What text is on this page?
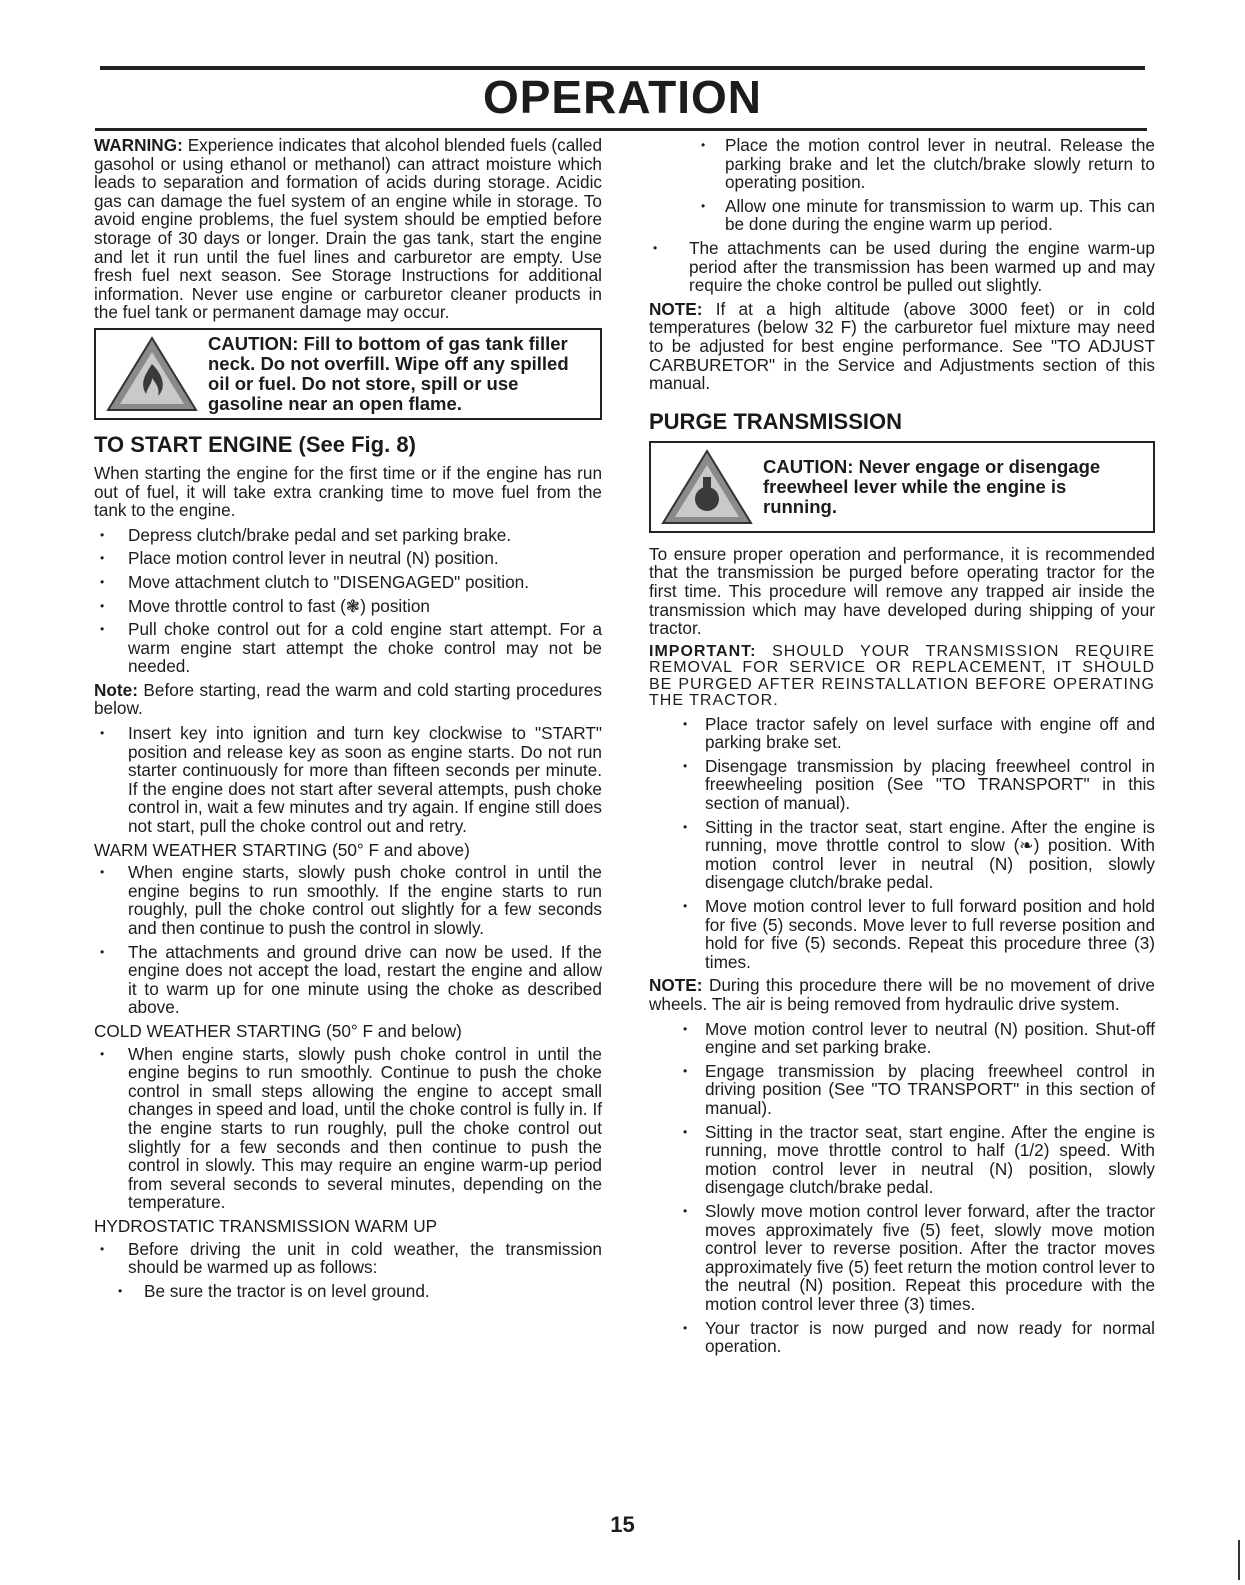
OPERATION

WARNING: Experience indicates that alcohol blended fuels (called gasohol or using ethanol or methanol) can attract moisture which leads to separation and formation of acids during storage. Acidic gas can damage the fuel system of an engine while in storage. To avoid engine problems, the fuel system should be emptied before storage of 30 days or longer. Drain the gas tank, start the engine and let it run until the fuel lines and carburetor are empty. Use fresh fuel next season. See Storage Instructions for additional information. Never use engine or carburetor cleaner products in the fuel tank or permanent damage may occur.

CAUTION: Fill to bottom of gas tank filler neck. Do not overfill. Wipe off any spilled oil or fuel. Do not store, spill or use gasoline near an open flame.
TO START ENGINE (See Fig. 8)

When starting the engine for the first time or if the engine has run out of fuel, it will take extra cranking time to move fuel from the tank to the engine.

• Depress clutch/brake pedal and set parking brake.
• Place motion control lever in neutral (N) position.
• Move attachment clutch to "DISENGAGED" position.
• Move throttle control to fast (❃) position
• Pull choke control out for a cold engine start attempt. For a warm engine start attempt the choke control may not be needed.

Note: Before starting, read the warm and cold starting procedures below.

• Insert key into ignition and turn key clockwise to "START" position and release key as soon as engine starts. Do not run starter continuously for more than fifteen seconds per minute. If the engine does not start after several attempts, push choke control in, wait a few minutes and try again. If engine still does not start, pull the choke control out and retry.
WARM WEATHER STARTING (50° F and above)
• When engine starts, slowly push choke control in until the engine begins to run smoothly. If the engine starts to run roughly, pull the choke control out slightly for a few seconds and then continue to push the control in slowly.
• The attachments and ground drive can now be used. If the engine does not accept the load, restart the engine and allow it to warm up for one minute using the choke as described above.
COLD WEATHER STARTING (50° F and below)
• When engine starts, slowly push choke control in until the engine begins to run smoothly. Continue to push the choke control in small steps allowing the engine to accept small changes in speed and load, until the choke control is fully in. If the engine starts to run roughly, pull the choke control out slightly for a few seconds and then continue to push the control in slowly. This may require an engine warm-up period from several seconds to several minutes, depending on the temperature.
HYDROSTATIC TRANSMISSION WARM UP
• Before driving the unit in cold weather, the transmission should be warmed up as follows:
• Be sure the tractor is on level ground.
• Place the motion control lever in neutral. Release the parking brake and let the clutch/brake slowly return to operating position.
• Allow one minute for transmission to warm up. This can be done during the engine warm up period.
• The attachments can be used during the engine warm-up period after the transmission has been warmed up and may require the choke control be pulled out slightly.

NOTE: If at a high altitude (above 3000 feet) or in cold temperatures (below 32 F) the carburetor fuel mixture may need to be adjusted for best engine performance. See "TO ADJUST CARBURETOR" in the Service and Adjustments section of this manual.

PURGE TRANSMISSION
CAUTION: Never engage or disengage freewheel lever while the engine is running.

To ensure proper operation and performance, it is recommended that the transmission be purged before operating tractor for the first time. This procedure will remove any trapped air inside the transmission which may have developed during shipping of your tractor.

IMPORTANT: SHOULD YOUR TRANSMISSION REQUIRE REMOVAL FOR SERVICE OR REPLACEMENT, IT SHOULD BE PURGED AFTER REINSTALLATION BEFORE OPERATING THE TRACTOR.

• Place tractor safely on level surface with engine off and parking brake set.
• Disengage transmission by placing freewheel control in freewheeling position (See "TO TRANSPORT" in this section of manual).
• Sitting in the tractor seat, start engine. After the engine is running, move throttle control to slow (❧) position. With motion control lever in neutral (N) position, slowly disengage clutch/brake pedal.
• Move motion control lever to full forward position and hold for five (5) seconds. Move lever to full reverse position and hold for five (5) seconds. Repeat this procedure three (3) times.

NOTE: During this procedure there will be no movement of drive wheels. The air is being removed from hydraulic drive system.

• Move motion control lever to neutral (N) position. Shut-off engine and set parking brake.
• Engage transmission by placing freewheel control in driving position (See "TO TRANSPORT" in this section of manual).
• Sitting in the tractor seat, start engine. After the engine is running, move throttle control to half (1/2) speed. With motion control lever in neutral (N) position, slowly disengage clutch/brake pedal.
• Slowly move motion control lever forward, after the tractor moves approximately five (5) feet, slowly move motion control lever to reverse position. After the tractor moves approximately five (5) feet return the motion control lever to the neutral (N) position. Repeat this procedure with the motion control lever three (3) times.
• Your tractor is now purged and now ready for normal operation.
15
